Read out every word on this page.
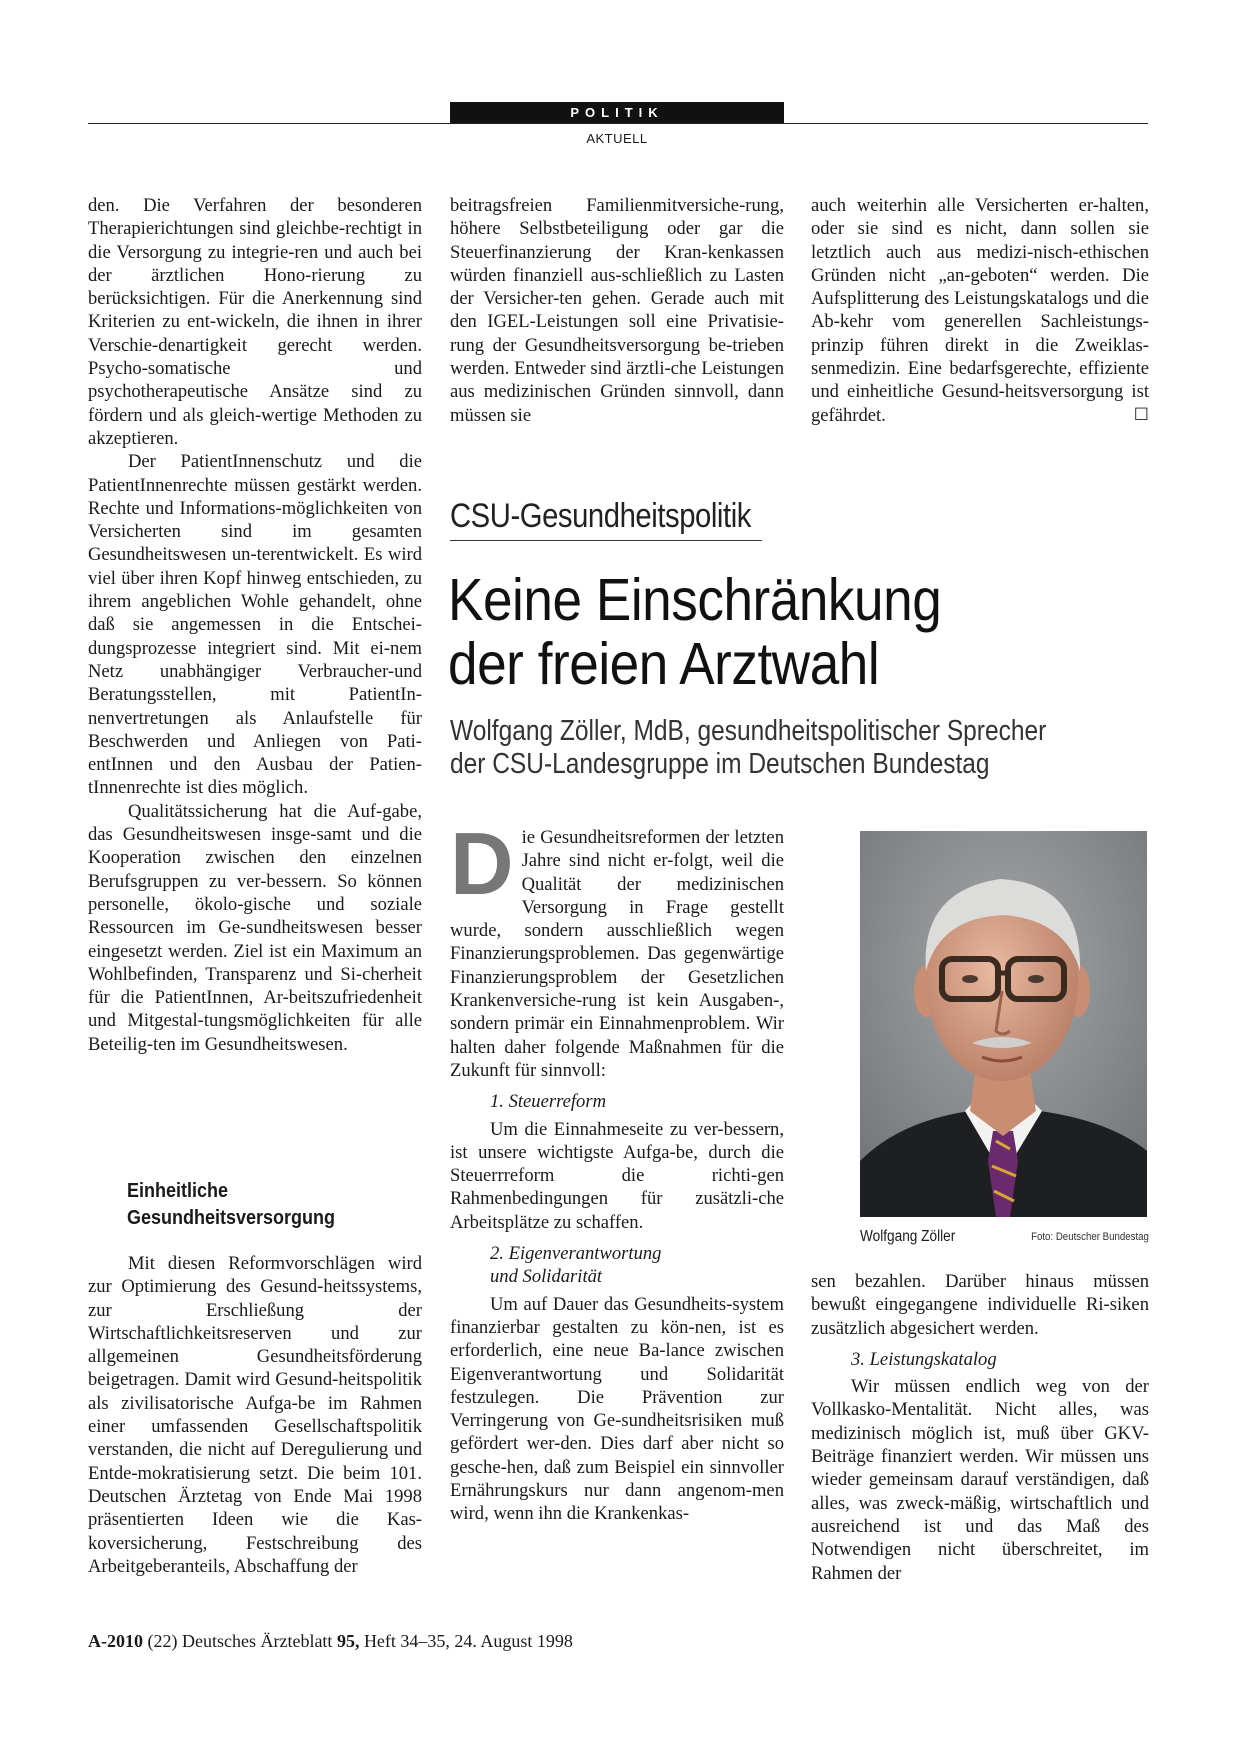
POLITIK
AKTUELL

den. Die Verfahren der besonderen Therapierichtungen sind gleichbe-rechtigt in die Versorgung zu integrie-ren und auch bei der ärztlichen Hono-rierung zu berücksichtigen. Für die Anerkennung sind Kriterien zu ent-wickeln, die ihnen in ihrer Verschie-denartigkeit gerecht werden. Psycho-somatische und psychotherapeutische Ansätze sind zu fördern und als gleich-wertige Methoden zu akzeptieren.

Der PatientInnenschutz und die PatientInnenrechte müssen gestärkt werden. Rechte und Informations-möglichkeiten von Versicherten sind im gesamten Gesundheitswesen un-terentwickelt. Es wird viel über ihren Kopf hinweg entschieden, zu ihrem angeblichen Wohle gehandelt, ohne daß sie angemessen in die Entschei-dungsprozesse integriert sind. Mit ei-nem Netz unabhängiger Verbraucher-und Beratungsstellen, mit PatientIn-nenvertretungen als Anlaufstelle für Beschwerden und Anliegen von Pati-entInnen und den Ausbau der Patien-tInnenrechte ist dies möglich.

Qualitätssicherung hat die Auf-gabe, das Gesundheitswesen insge-samt und die Kooperation zwischen den einzelnen Berufsgruppen zu ver-bessern. So können personelle, ökolo-gische und soziale Ressourcen im Ge-sundheitswesen besser eingesetzt werden. Ziel ist ein Maximum an Wohlbefinden, Transparenz und Si-cherheit für die PatientInnen, Ar-beitszufriedenheit und Mitgestal-tungsmöglichkeiten für alle Beteilig-ten im Gesundheitswesen.

Einheitliche Gesundheitsversorgung

Mit diesen Reformvorschlägen wird zur Optimierung des Gesund-heitssystems, zur Erschließung der Wirtschaftlichkeitsreserven und zur allgemeinen Gesundheitsförderung beigetragen. Damit wird Gesund-heitspolitik als zivilisatorische Aufga-be im Rahmen einer umfassenden Gesellschaftspolitik verstanden, die nicht auf Deregulierung und Entde-mokratisierung setzt. Die beim 101. Deutschen Ärztetag von Ende Mai 1998 präsentierten Ideen wie die Kas-koversicherung, Festschreibung des Arbeitgeberanteils, Abschaffung der

beitragsfreien Familienmitversiche-rung, höhere Selbstbeteiligung oder gar die Steuerfinanzierung der Kran-kenkassen würden finanziell aus-schließlich zu Lasten der Versicher-ten gehen. Gerade auch mit den IGEL-Leistungen soll eine Privatisie-rung der Gesundheitsversorgung be-trieben werden. Entweder sind ärztli-che Leistungen aus medizinischen Gründen sinnvoll, dann müssen sie

auch weiterhin alle Versicherten er-halten, oder sie sind es nicht, dann sollen sie letztlich auch aus medizi-nisch-ethischen Gründen nicht „an-geboten“ werden. Die Aufsplitterung des Leistungskatalogs und die Ab-kehr vom generellen Sachleistungs-prinzip führen direkt in die Zweiklas-senmedizin. Eine bedarfsgerechte, effiziente und einheitliche Gesund-heitsversorgung ist gefährdet.	☐

CSU-Gesundheitspolitik
Keine Einschränkung
der freien Arztwahl
Wolfgang Zöller, MdB, gesundheitspolitischer Sprecher
der CSU-Landesgruppe im Deutschen Bundestag

Die Gesundheitsreformen der letzten Jahre sind nicht er-folgt, weil die Qualität der medizinischen Versorgung in Frage gestellt wurde, sondern ausschließlich wegen Finanzierungsproblemen. Das gegenwärtige Finanzierungsproblem der Gesetzlichen Krankenversiche-rung ist kein Ausgaben-, sondern primär ein Einnahmenproblem. Wir halten daher folgende Maßnahmen für die Zukunft für sinnvoll:

1. Steuerreform

Um die Einnahmeseite zu ver-bessern, ist unsere wichtigste Aufga-be, durch die Steuerrreform die richti-gen Rahmenbedingungen für zusätzli-che Arbeitsplätze zu schaffen.

2. Eigenverantwortung
und Solidarität

Um auf Dauer das Gesundheits-system finanzierbar gestalten zu kön-nen, ist es erforderlich, eine neue Ba-lance zwischen Eigenverantwortung und Solidarität festzulegen. Die Prävention zur Verringerung von Ge-sundheitsrisiken muß gefördert wer-den. Dies darf aber nicht so gesche-hen, daß zum Beispiel ein sinnvoller Ernährungskurs nur dann angenom-men wird, wenn ihn die Krankenkas-

Wolfgang Zöller	Foto: Deutscher Bundestag

sen bezahlen. Darüber hinaus müssen bewußt eingegangene individuelle Ri-siken zusätzlich abgesichert werden.

3. Leistungskatalog

Wir müssen endlich weg von der Vollkasko-Mentalität. Nicht alles, was medizinisch möglich ist, muß über GKV-Beiträge finanziert werden. Wir müssen uns wieder gemeinsam darauf verständigen, daß alles, was zweck-mäßig, wirtschaftlich und ausreichend ist und das Maß des Notwendigen nicht überschreitet, im Rahmen der

A-2010 (22) Deutsches Ärzteblatt 95, Heft 34–35, 24. August 1998
